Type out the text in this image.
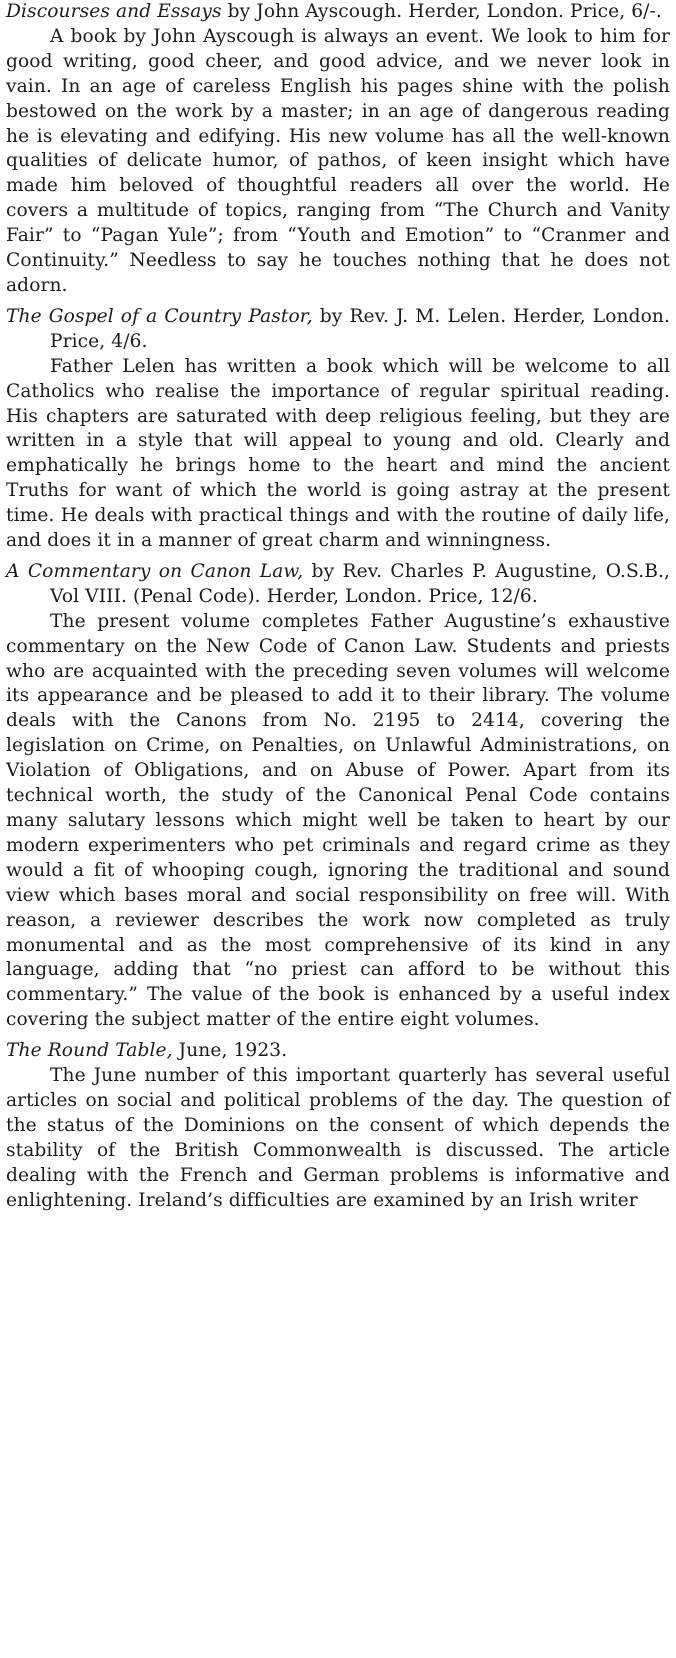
Discourses and Essays by John Ayscough. Herder, London. Price, 6/-.

A book by John Ayscough is always an event. We look to him for good writing, good cheer, and good advice, and we never look in vain. In an age of careless English his pages shine with the polish bestowed on the work by a master; in an age of dangerous reading he is elevating and edifying. His new volume has all the well-known qualities of delicate humor, of pathos, of keen insight which have made him beloved of thoughtful readers all over the world. He covers a multitude of topics, ranging from “The Church and Vanity Fair” to “Pagan Yule”; from “Youth and Emotion” to “Cranmer and Continuity.” Needless to say he touches nothing that he does not adorn.

The Gospel of a Country Pastor, by Rev. J. M. Lelen. Herder, London. Price, 4/6.

Father Lelen has written a book which will be welcome to all Catholics who realise the importance of regular spiritual reading. His chapters are saturated with deep religious feeling, but they are written in a style that will appeal to young and old. Clearly and emphatically he brings home to the heart and mind the ancient Truths for want of which the world is going astray at the present time. He deals with practical things and with the routine of daily life, and does it in a manner of great charm and winningness.

A Commentary on Canon Law, by Rev. Charles P. Augustine, O.S.B., Vol VIII. (Penal Code). Herder, London. Price, 12/6.

The present volume completes Father Augustine’s exhaustive commentary on the New Code of Canon Law. Students and priests who are acquainted with the preceding seven volumes will welcome its appearance and be pleased to add it to their library. The volume deals with the Canons from No. 2195 to 2414, covering the legislation on Crime, on Penalties, on Unlawful Administrations, on Violation of Obligations, and on Abuse of Power. Apart from its technical worth, the study of the Canonical Penal Code contains many salutary lessons which might well be taken to heart by our modern experimenters who pet criminals and regard crime as they would a fit of whooping cough, ignoring the traditional and sound view which bases moral and social responsibility on free will. With reason, a reviewer describes the work now completed as truly monumental and as the most comprehensive of its kind in any language, adding that “no priest can afford to be without this commentary.” The value of the book is enhanced by a useful index covering the subject matter of the entire eight volumes.

The Round Table, June, 1923.

The June number of this important quarterly has several useful articles on social and political problems of the day. The question of the status of the Dominions on the consent of which depends the stability of the British Commonwealth is discussed. The article dealing with the French and German problems is informative and enlightening. Ireland’s difficulties are examined by an Irish writer
